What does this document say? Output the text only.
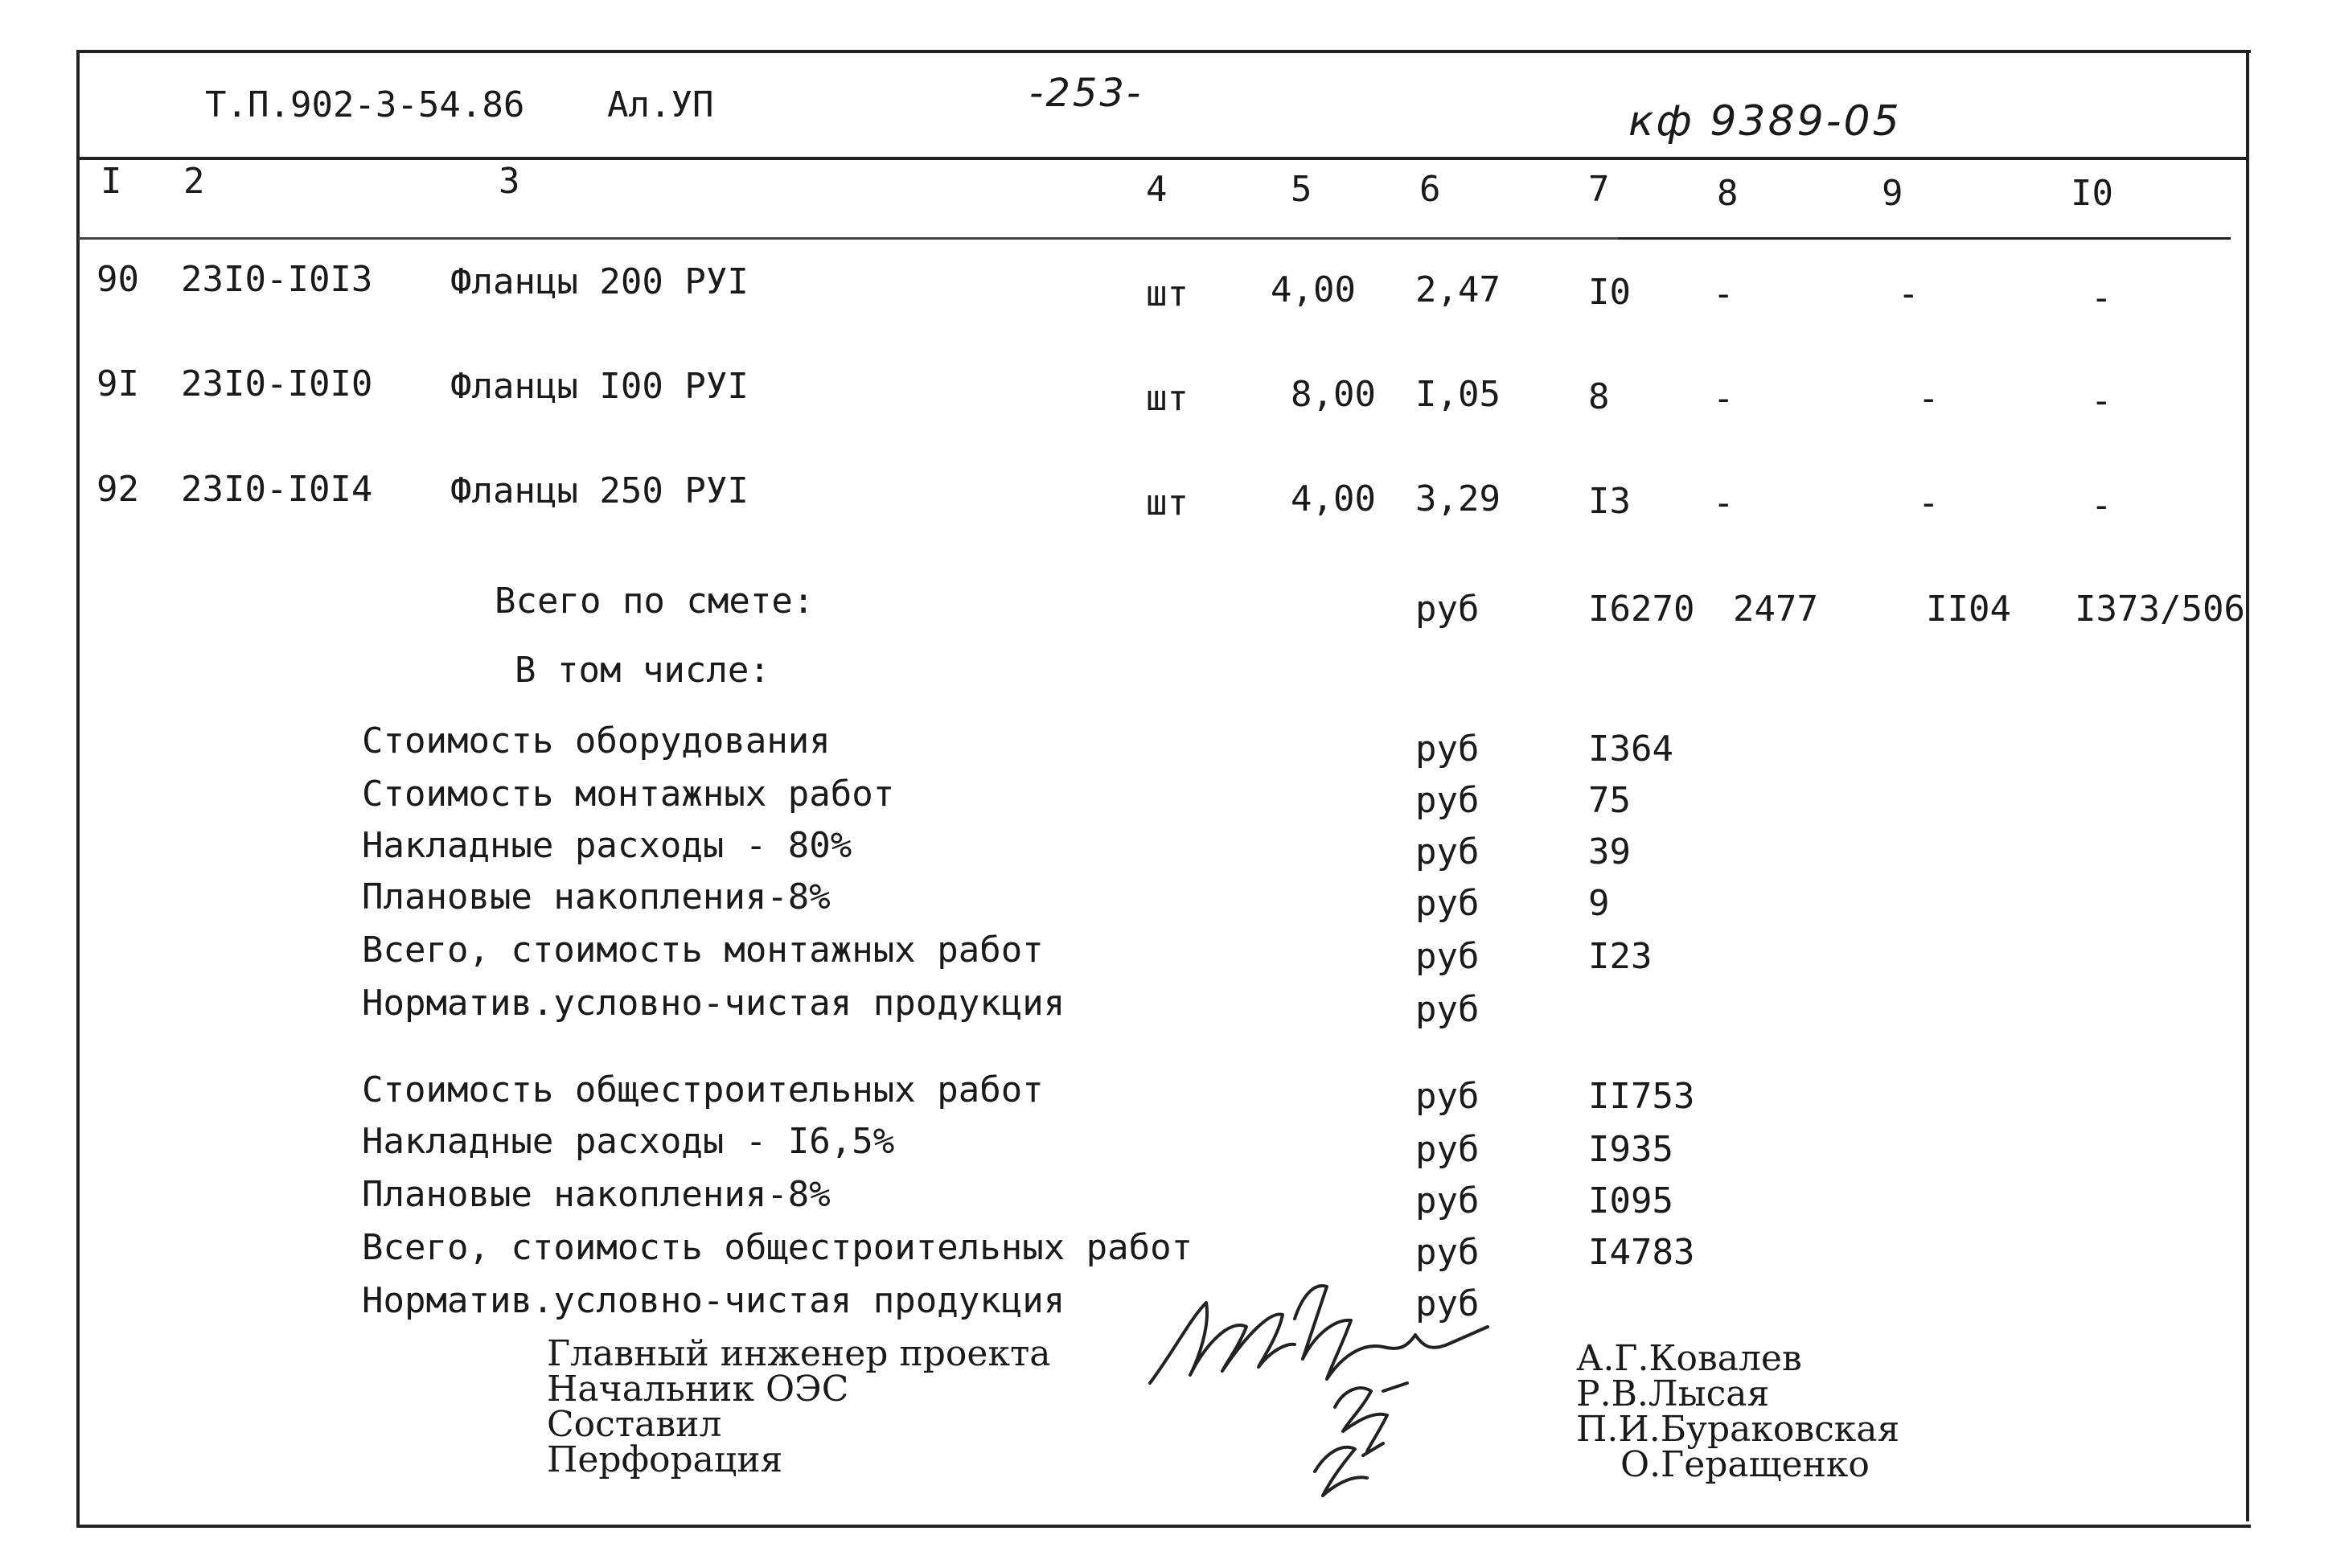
Т.П.902-3-54.86 Ал.УП	-253-
кф 9389-05
I 2	3	4	5	6	7	8	9	I0
90 23I0-I0I3 Фланцы 200 РУI	шт 4,00 2,47 I0 -	-	-
9I 23I0-I0I0 Фланцы I00 РУI	шт	8,00 I,05 8	-	-	-
92 23I0-I0I4 Фланцы 250 РУI	шт	4,00 3,29 I3 -	-	-
Всего по смете:	руб	I6270 2477	II04 I373/506
В том числе:
Стоимость оборудования	руб	I364
Стоимость монтажных работ	руб	75
Накладные расходы - 80%	руб	39
Плановые накопления-8%	руб	9
Всего, стоимость монтажных работ	руб	I23
Норматив.условно-чистая продукция	руб
Стоимость общестроительных работ	руб	II753
Накладные расходы - I6,5%	руб	I935
Плановые накопления-8%	руб	I095
Всего, стоимость общестроительных работ	руб	I4783
Норматив.условно-чистая продукция	руб
Главный инженер проекта
Начальник ОЭС
Составил
Перфорация
А.Г.Ковалев
Р.В.Лысая
П.И.Бураковская
О.Геращенко
